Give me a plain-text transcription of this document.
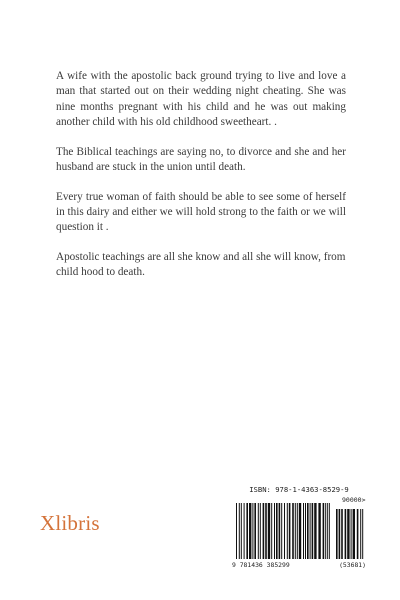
A wife with the apostolic back ground trying to live and love a man that started out on their wedding night cheating. She was nine months pregnant with his child and he was out making another child with his old childhood sweetheart. .

The Biblical teachings are saying no, to divorce and she and her husband are stuck in the union until death.

Every true woman of faith should be able to see some of herself in this dairy and either we will hold strong to the faith or we will question it .

Apostolic teachings are all she know and all she will know, from child hood to death.

Xlibris
ISBN: 978-1-4363-8529-9
90000>
9 781436 385299	(53681)
